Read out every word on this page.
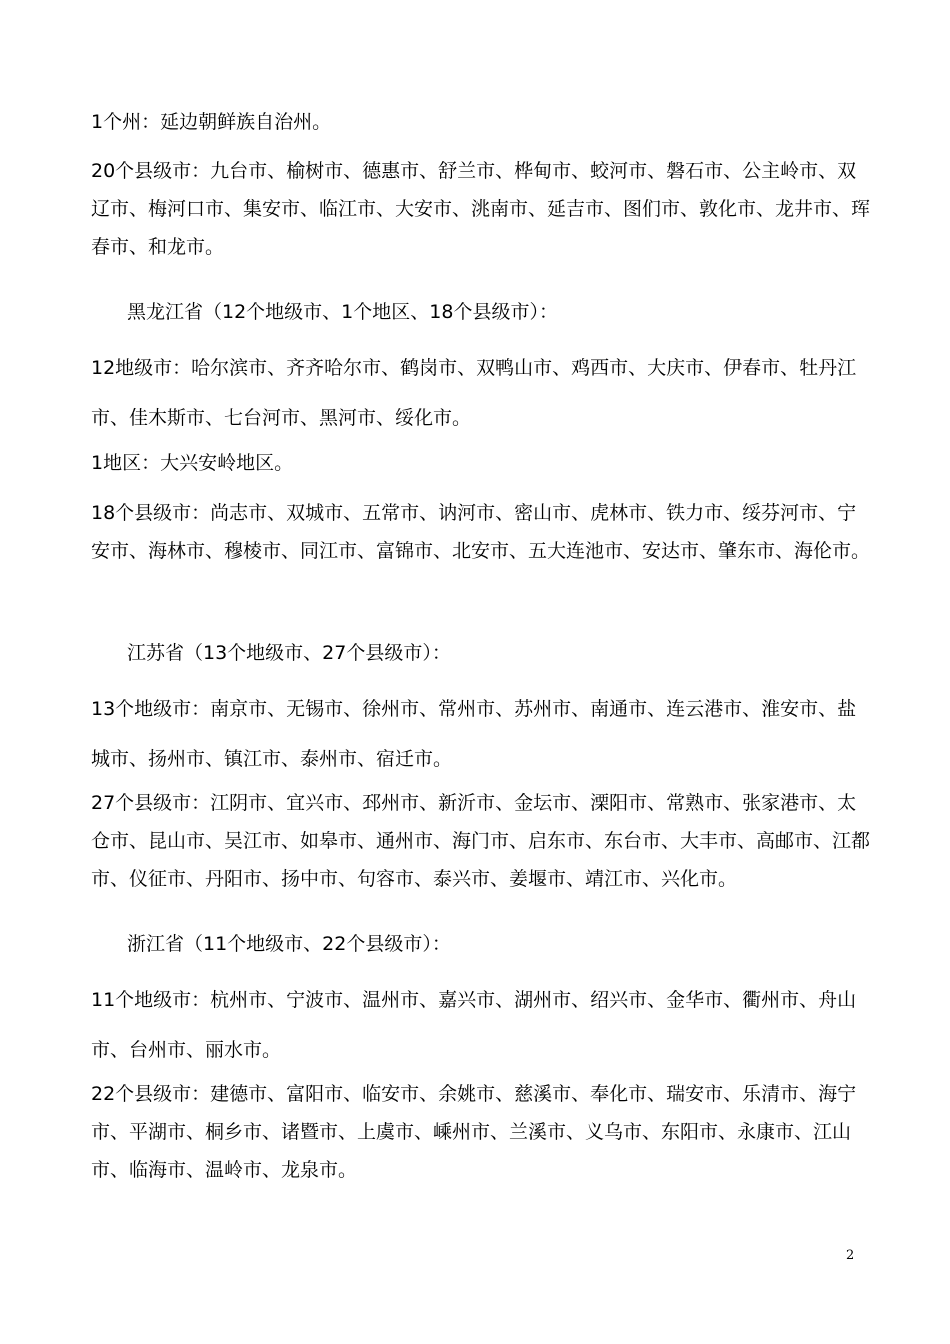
1个州：延边朝鲜族自治州。

20个县级市：九台市、榆树市、德惠市、舒兰市、桦甸市、蛟河市、磐石市、公主岭市、双辽市、梅河口市、集安市、临江市、大安市、洮南市、延吉市、图们市、敦化市、龙井市、珲春市、和龙市。

黑龙江省（12个地级市、1个地区、18个县级市）：

12地级市：哈尔滨市、齐齐哈尔市、鹤岗市、双鸭山市、鸡西市、大庆市、伊春市、牡丹江市、佳木斯市、七台河市、黑河市、绥化市。

1地区：大兴安岭地区。

18个县级市：尚志市、双城市、五常市、讷河市、密山市、虎林市、铁力市、绥芬河市、宁安市、海林市、穆棱市、同江市、富锦市、北安市、五大连池市、安达市、肇东市、海伦市。

江苏省（13个地级市、27个县级市）：

13个地级市：南京市、无锡市、徐州市、常州市、苏州市、南通市、连云港市、淮安市、盐城市、扬州市、镇江市、泰州市、宿迁市。

27个县级市：江阴市、宜兴市、邳州市、新沂市、金坛市、溧阳市、常熟市、张家港市、太仓市、昆山市、吴江市、如皋市、通州市、海门市、启东市、东台市、大丰市、高邮市、江都市、仪征市、丹阳市、扬中市、句容市、泰兴市、姜堰市、靖江市、兴化市。

浙江省（11个地级市、22个县级市）：

11个地级市：杭州市、宁波市、温州市、嘉兴市、湖州市、绍兴市、金华市、衢州市、舟山市、台州市、丽水市。

22个县级市：建德市、富阳市、临安市、余姚市、慈溪市、奉化市、瑞安市、乐清市、海宁市、平湖市、桐乡市、诸暨市、上虞市、嵊州市、兰溪市、义乌市、东阳市、永康市、江山市、临海市、温岭市、龙泉市。

2
